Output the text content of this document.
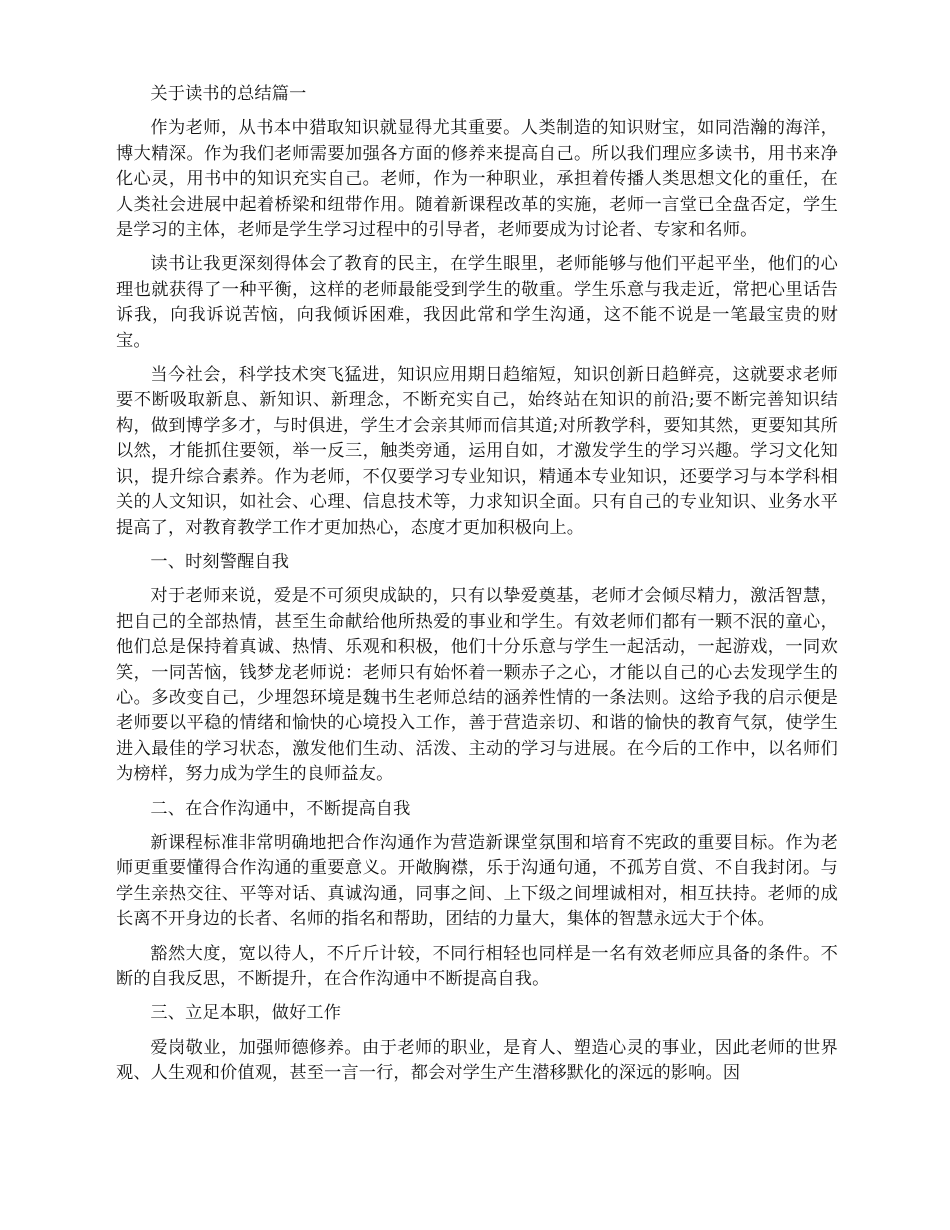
关于读书的总结篇一

作为老师，从书本中猎取知识就显得尤其重要。人类制造的知识财宝，如同浩瀚的海洋，博大精深。作为我们老师需要加强各方面的修养来提高自己。所以我们理应多读书，用书来净化心灵，用书中的知识充实自己。老师，作为一种职业，承担着传播人类思想文化的重任，在人类社会进展中起着桥梁和纽带作用。随着新课程改革的实施，老师一言堂已全盘否定，学生是学习的主体，老师是学生学习过程中的引导者，老师要成为讨论者、专家和名师。

读书让我更深刻得体会了教育的民主，在学生眼里，老师能够与他们平起平坐，他们的心理也就获得了一种平衡，这样的老师最能受到学生的敬重。学生乐意与我走近，常把心里话告诉我，向我诉说苦恼，向我倾诉困难，我因此常和学生沟通，这不能不说是一笔最宝贵的财宝。

当今社会，科学技术突飞猛进，知识应用期日趋缩短，知识创新日趋鲜亮，这就要求老师要不断吸取新息、新知识、新理念，不断充实自己，始终站在知识的前沿;要不断完善知识结构，做到博学多才，与时俱进，学生才会亲其师而信其道;对所教学科，要知其然，更要知其所以然，才能抓住要领，举一反三，触类旁通，运用自如，才激发学生的学习兴趣。学习文化知识，提升综合素养。作为老师，不仅要学习专业知识，精通本专业知识，还要学习与本学科相关的人文知识，如社会、心理、信息技术等，力求知识全面。只有自己的专业知识、业务水平提高了，对教育教学工作才更加热心，态度才更加积极向上。

一、时刻警醒自我

对于老师来说，爱是不可须臾成缺的，只有以挚爱奠基，老师才会倾尽精力，激活智慧，把自己的全部热情，甚至生命献给他所热爱的事业和学生。有效老师们都有一颗不泯的童心，他们总是保持着真诚、热情、乐观和积极，他们十分乐意与学生一起活动，一起游戏，一同欢笑，一同苦恼，钱梦龙老师说：老师只有始怀着一颗赤子之心，才能以自己的心去发现学生的心。多改变自己，少埋怨环境是魏书生老师总结的涵养性情的一条法则。这给予我的启示便是老师要以平稳的情绪和愉快的心境投入工作，善于营造亲切、和谐的愉快的教育气氛，使学生进入最佳的学习状态，激发他们生动、活泼、主动的学习与进展。在今后的工作中，以名师们为榜样，努力成为学生的良师益友。

二、在合作沟通中，不断提高自我

新课程标准非常明确地把合作沟通作为营造新课堂氛围和培育不宪政的重要目标。作为老师更重要懂得合作沟通的重要意义。开敞胸襟，乐于沟通句通，不孤芳自赏、不自我封闭。与学生亲热交往、平等对话、真诚沟通，同事之间、上下级之间埋诚相对，相互扶持。老师的成长离不开身边的长者、名师的指名和帮助，团结的力量大，集体的智慧永远大于个体。

豁然大度，宽以待人，不斤斤计较，不同行相轻也同样是一名有效老师应具备的条件。不断的自我反思，不断提升，在合作沟通中不断提高自我。

三、立足本职，做好工作

爱岗敬业，加强师德修养。由于老师的职业，是育人、塑造心灵的事业，因此老师的世界观、人生观和价值观，甚至一言一行，都会对学生产生潜移默化的深远的影响。因
